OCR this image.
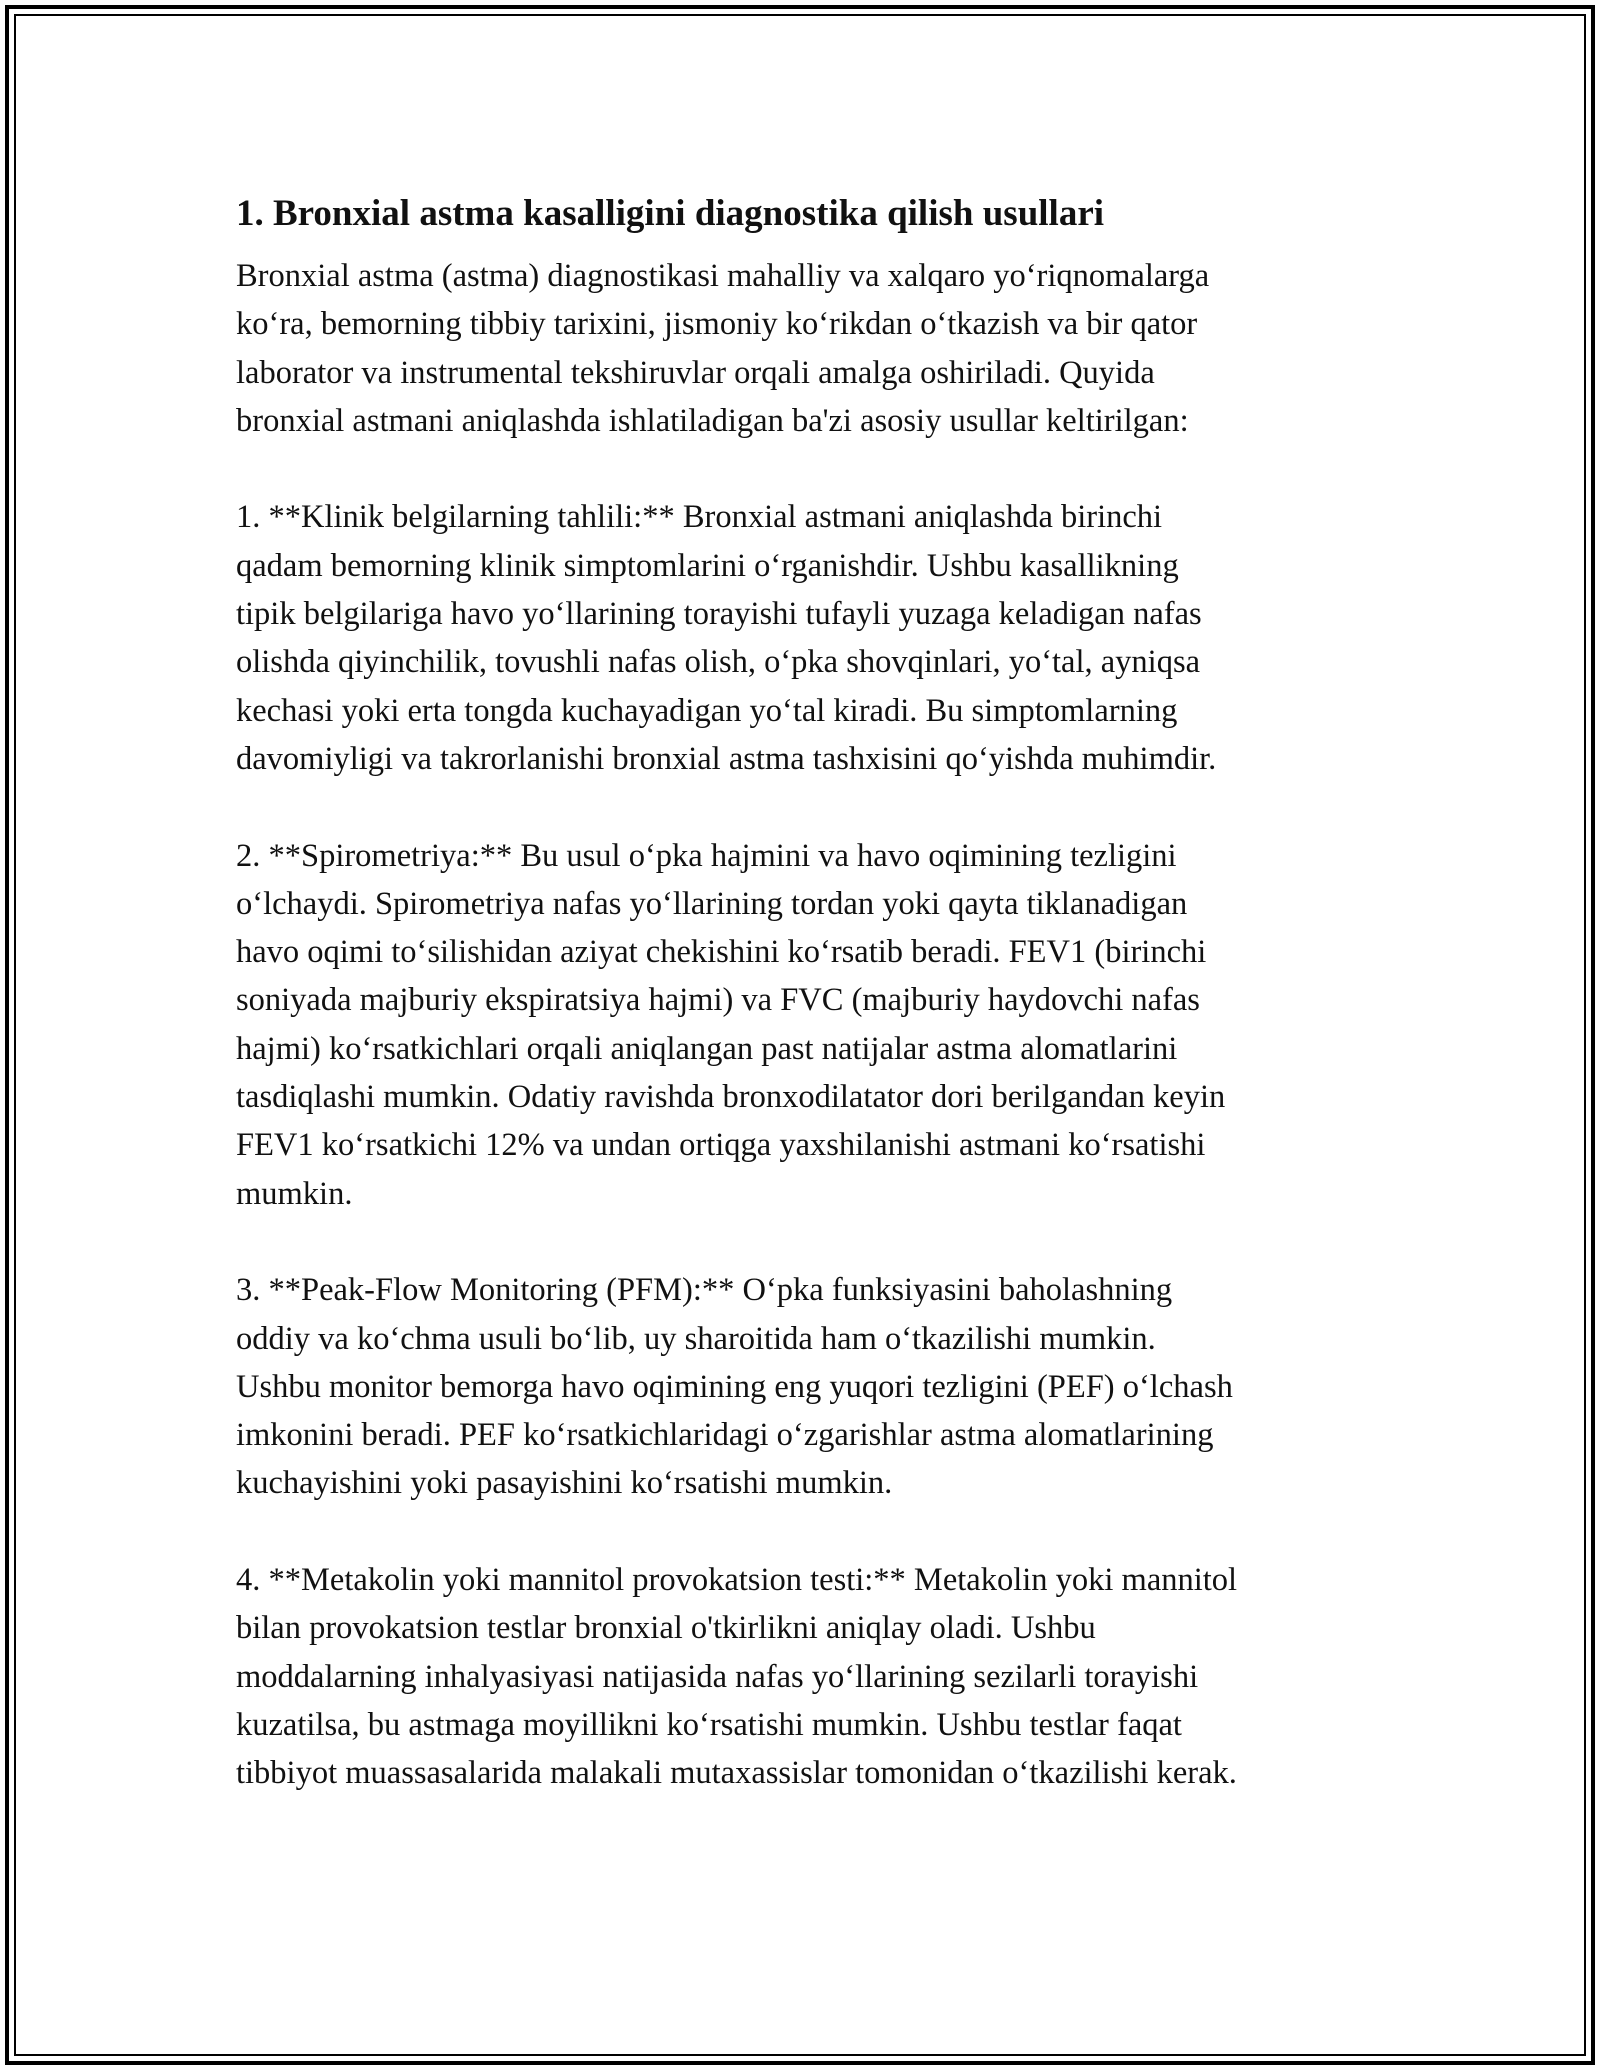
1. Bronxial astma kasalligini diagnostika qilish usullari

Bronxial astma (astma) diagnostikasi mahalliy va xalqaro yo‘riqnomalarga
ko‘ra, bemorning tibbiy tarixini, jismoniy ko‘rikdan o‘tkazish va bir qator
laborator va instrumental tekshiruvlar orqali amalga oshiriladi. Quyida
bronxial astmani aniqlashda ishlatiladigan ba'zi asosiy usullar keltirilgan:

1. **Klinik belgilarning tahlili:** Bronxial astmani aniqlashda birinchi
qadam bemorning klinik simptomlarini o‘rganishdir. Ushbu kasallikning
tipik belgilariga havo yo‘llarining torayishi tufayli yuzaga keladigan nafas
olishda qiyinchilik, tovushli nafas olish, o‘pka shovqinlari, yo‘tal, ayniqsa
kechasi yoki erta tongda kuchayadigan yo‘tal kiradi. Bu simptomlarning
davomiyligi va takrorlanishi bronxial astma tashxisini qo‘yishda muhimdir.

2. **Spirometriya:** Bu usul o‘pka hajmini va havo oqimining tezligini
o‘lchaydi. Spirometriya nafas yo‘llarining tordan yoki qayta tiklanadigan
havo oqimi to‘silishidan aziyat chekishini ko‘rsatib beradi. FEV1 (birinchi
soniyada majburiy ekspiratsiya hajmi) va FVC (majburiy haydovchi nafas
hajmi) ko‘rsatkichlari orqali aniqlangan past natijalar astma alomatlarini
tasdiqlashi mumkin. Odatiy ravishda bronxodilatator dori berilgandan keyin
FEV1 ko‘rsatkichi 12% va undan ortiqga yaxshilanishi astmani ko‘rsatishi
mumkin.

3. **Peak-Flow Monitoring (PFM):** O‘pka funksiyasini baholashning
oddiy va ko‘chma usuli bo‘lib, uy sharoitida ham o‘tkazilishi mumkin.
Ushbu monitor bemorga havo oqimining eng yuqori tezligini (PEF) o‘lchash
imkonini beradi. PEF ko‘rsatkichlaridagi o‘zgarishlar astma alomatlarining
kuchayishini yoki pasayishini ko‘rsatishi mumkin.

4. **Metakolin yoki mannitol provokatsion testi:** Metakolin yoki mannitol
bilan provokatsion testlar bronxial o'tkirlikni aniqlay oladi. Ushbu
moddalarning inhalyasiyasi natijasida nafas yo‘llarining sezilarli torayishi
kuzatilsa, bu astmaga moyillikni ko‘rsatishi mumkin. Ushbu testlar faqat
tibbiyot muassasalarida malakali mutaxassislar tomonidan o‘tkazilishi kerak.
